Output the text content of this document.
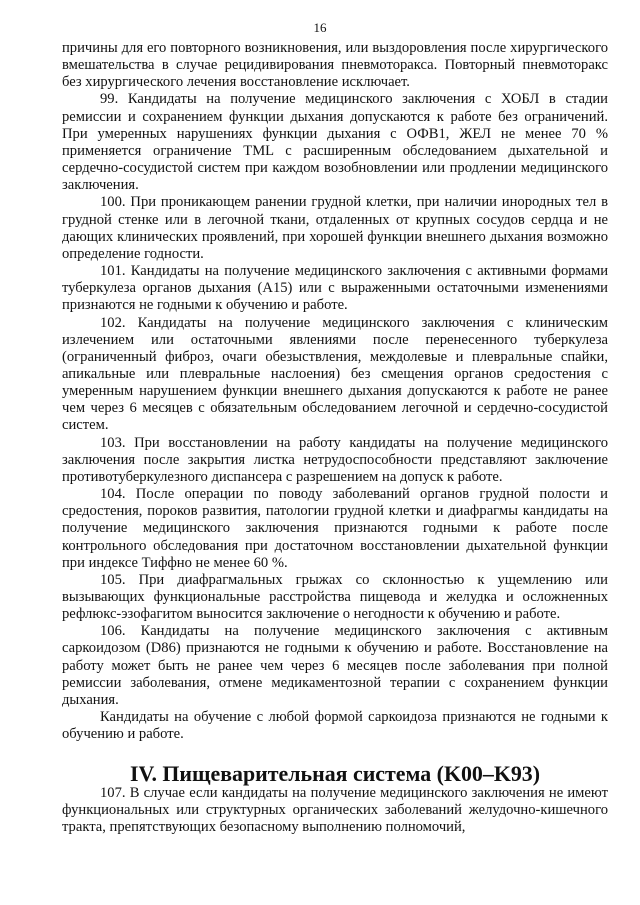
16

причины для его повторного возникновения, или выздоровления после хирургического вмешательства в случае рецидивирования пневмоторакса. Повторный пневмоторакс без хирургического лечения восстановление исключает.

99. Кандидаты на получение медицинского заключения с ХОБЛ в стадии ремиссии и сохранением функции дыхания допускаются к работе без ограничений. При умеренных нарушениях функции дыхания с ОФВ1, ЖЕЛ не менее 70 % применяется ограничение TML с расширенным обследованием дыхательной и сердечно-сосудистой систем при каждом возобновлении или продлении медицинского заключения.

100. При проникающем ранении грудной клетки, при наличии инородных тел в грудной стенке или в легочной ткани, отдаленных от крупных сосудов сердца и не дающих клинических проявлений, при хорошей функции внешнего дыхания возможно определение годности.

101. Кандидаты на получение медицинского заключения с активными формами туберкулеза органов дыхания (А15) или с выраженными остаточными изменениями признаются не годными к обучению и работе.

102. Кандидаты на получение медицинского заключения с клиническим излечением или остаточными явлениями после перенесенного туберкулеза (ограниченный фиброз, очаги обезыствления, междолевые и плевральные спайки, апикальные или плевральные наслоения) без смещения органов средостения с умеренным нарушением функции внешнего дыхания допускаются к работе не ранее чем через 6 месяцев с обязательным обследованием легочной и сердечно-сосудистой систем.

103. При восстановлении на работу кандидаты на получение медицинского заключения после закрытия листка нетрудоспособности представляют заключение противотуберкулезного диспансера с разрешением на допуск к работе.

104. После операции по поводу заболеваний органов грудной полости и средостения, пороков развития, патологии грудной клетки и диафрагмы кандидаты на получение медицинского заключения признаются годными к работе после контрольного обследования при достаточном восстановлении дыхательной функции при индексе Тиффно не менее 60 %.

105. При диафрагмальных грыжах со склонностью к ущемлению или вызывающих функциональные расстройства пищевода и желудка и осложненных рефлюкс-эзофагитом выносится заключение о негодности к обучению и работе.

106. Кандидаты на получение медицинского заключения с активным саркоидозом (D86) признаются не годными к обучению и работе. Восстановление на работу может быть не ранее чем через 6 месяцев после заболевания при полной ремиссии заболевания, отмене медикаментозной терапии с сохранением функции дыхания.

Кандидаты на обучение с любой формой саркоидоза признаются не годными к обучению и работе.

IV. Пищеварительная система (K00–K93)

107. В случае если кандидаты на получение медицинского заключения не имеют функциональных или структурных органических заболеваний желудочно-кишечного тракта, препятствующих безопасному выполнению полномочий,
